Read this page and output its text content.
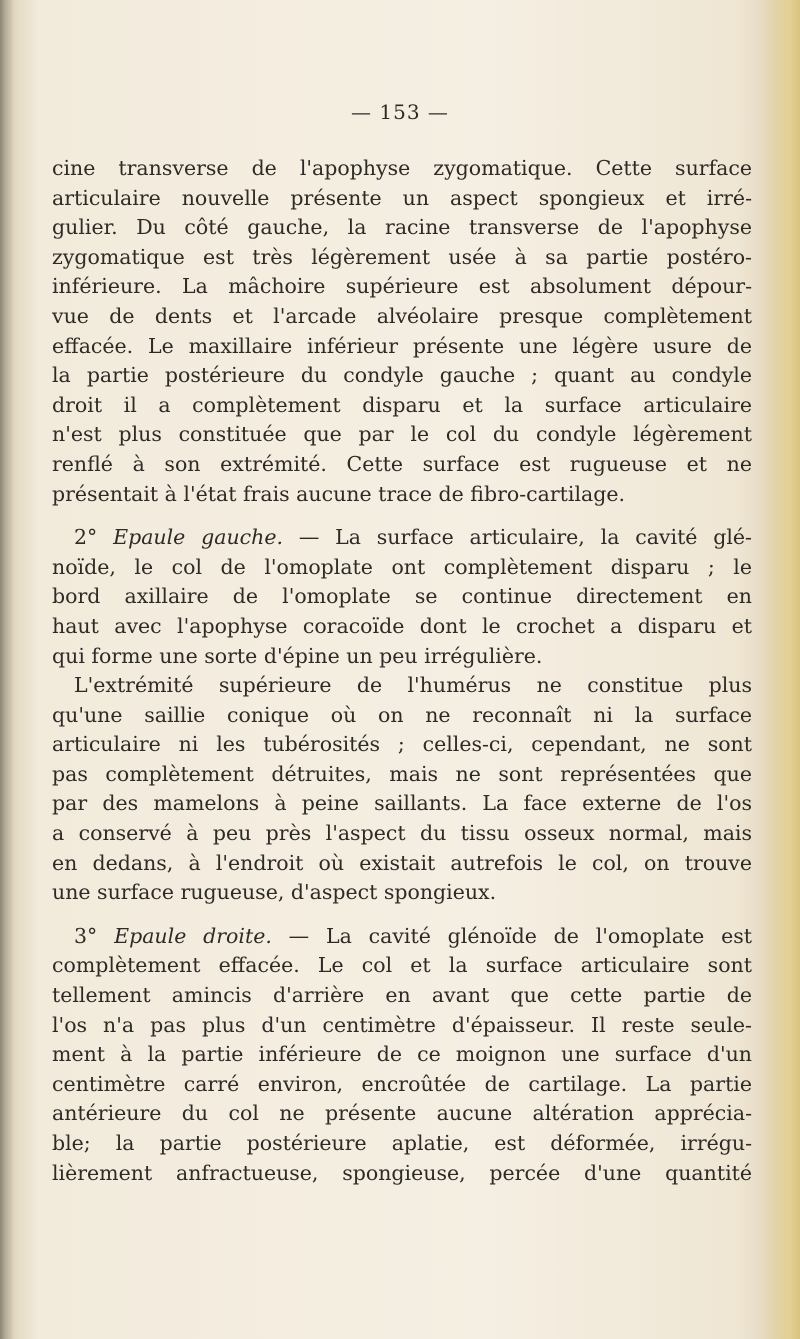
— 153 —
cine transverse de l'apophyse zygomatique. Cette surface
articulaire nouvelle présente un aspect spongieux et irré-
gulier. Du côté gauche, la racine transverse de l'apophyse
zygomatique est très légèrement usée à sa partie postéro-
inférieure. La mâchoire supérieure est absolument dépour-
vue de dents et l'arcade alvéolaire presque complètement
effacée. Le maxillaire inférieur présente une légère usure de
la partie postérieure du condyle gauche ; quant au condyle
droit il a complètement disparu et la surface articulaire
n'est plus constituée que par le col du condyle légèrement
renflé à son extrémité. Cette surface est rugueuse et ne
présentait à l'état frais aucune trace de fibro-cartilage.
2° Epaule gauche. — La surface articulaire, la cavité glé-
noïde, le col de l'omoplate ont complètement disparu ; le
bord axillaire de l'omoplate se continue directement en
haut avec l'apophyse coracoïde dont le crochet a disparu et
qui forme une sorte d'épine un peu irrégulière.
L'extrémité supérieure de l'humérus ne constitue plus
qu'une saillie conique où on ne reconnaît ni la surface
articulaire ni les tubérosités ; celles-ci, cependant, ne sont
pas complètement détruites, mais ne sont représentées que
par des mamelons à peine saillants. La face externe de l'os
a conservé à peu près l'aspect du tissu osseux normal, mais
en dedans, à l'endroit où existait autrefois le col, on trouve
une surface rugueuse, d'aspect spongieux.
3° Epaule droite. — La cavité glénoïde de l'omoplate est
complètement effacée. Le col et la surface articulaire sont
tellement amincis d'arrière en avant que cette partie de
l'os n'a pas plus d'un centimètre d'épaisseur. Il reste seule-
ment à la partie inférieure de ce moignon une surface d'un
centimètre carré environ, encroûtée de cartilage. La partie
antérieure du col ne présente aucune altération apprécia-
ble; la partie postérieure aplatie, est déformée, irrégu-
lièrement anfractueuse, spongieuse, percée d'une quantité
